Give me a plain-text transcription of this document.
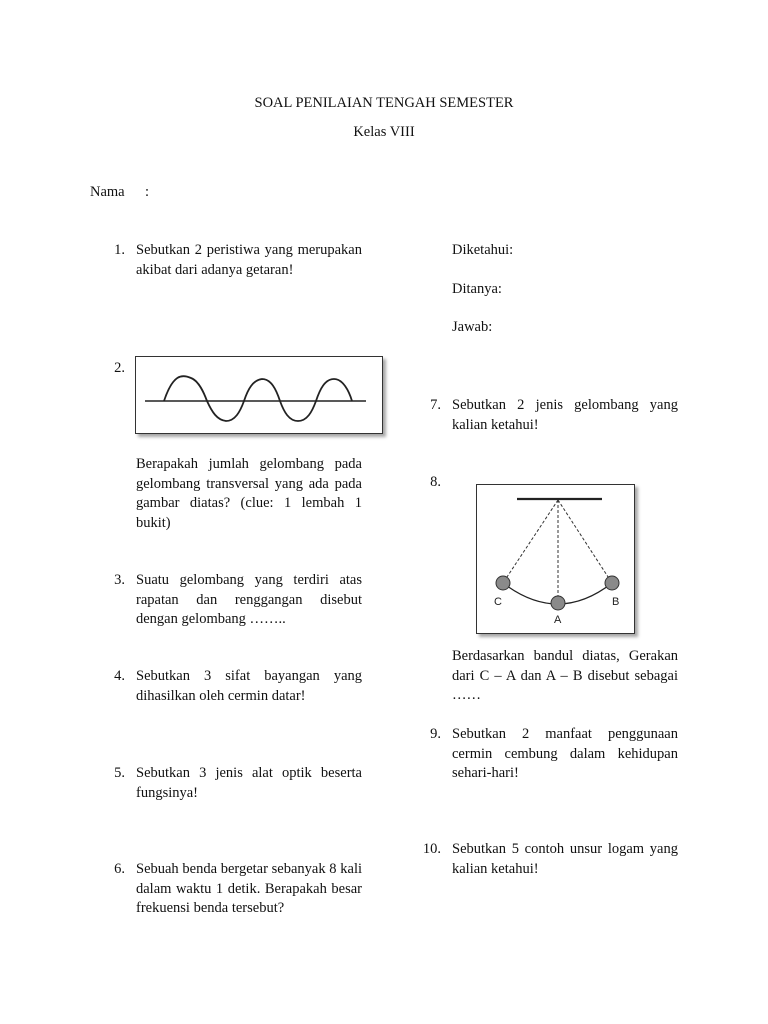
SOAL PENILAIAN TENGAH SEMESTER
Kelas VIII
Nama :
1. Sebutkan 2 peristiwa yang merupakan akibat dari adanya getaran!
2.
Berapakah jumlah gelombang pada gelombang transversal yang ada pada gambar diatas? (clue: 1 lembah 1 bukit)
3. Suatu gelombang yang terdiri atas rapatan dan renggangan disebut dengan gelombang ……..
4. Sebutkan 3 sifat bayangan yang dihasilkan oleh cermin datar!
5. Sebutkan 3 jenis alat optik beserta fungsinya!
6. Sebuah benda bergetar sebanyak 8 kali dalam waktu 1 detik. Berapakah besar frekuensi benda tersebut?
Diketahui:
Ditanya:
Jawab:
7. Sebutkan 2 jenis gelombang yang kalian ketahui!
8.
C
A
B
Berdasarkan bandul diatas, Gerakan dari C – A dan A – B disebut sebagai ……
9. Sebutkan 2 manfaat penggunaan cermin cembung dalam kehidupan sehari-hari!
10. Sebutkan 5 contoh unsur logam yang kalian ketahui!
